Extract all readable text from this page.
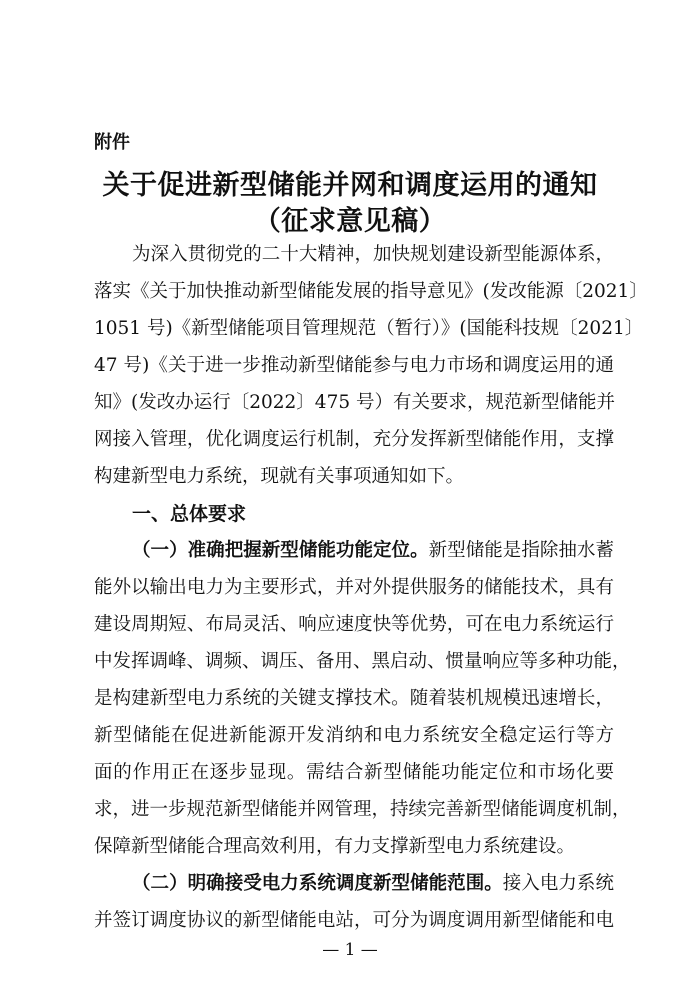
附件
关于促进新型储能并网和调度运用的通知
（征求意见稿）
为深入贯彻党的二十大精神，加快规划建设新型能源体系，
落实《关于加快推动新型储能发展的指导意见》(发改能源〔2021〕
1051 号)《新型储能项目管理规范（暂行）》(国能科技规〔2021〕
47 号)《关于进一步推动新型储能参与电力市场和调度运用的通
知》(发改办运行〔2022〕475 号）有关要求，规范新型储能并
网接入管理，优化调度运行机制，充分发挥新型储能作用，支撑
构建新型电力系统，现就有关事项通知如下。
一、总体要求
（一）准确把握新型储能功能定位。新型储能是指除抽水蓄
能外以输出电力为主要形式，并对外提供服务的储能技术，具有
建设周期短、布局灵活、响应速度快等优势，可在电力系统运行
中发挥调峰、调频、调压、备用、黑启动、惯量响应等多种功能，
是构建新型电力系统的关键支撑技术。随着装机规模迅速增长，
新型储能在促进新能源开发消纳和电力系统安全稳定运行等方
面的作用正在逐步显现。需结合新型储能功能定位和市场化要
求，进一步规范新型储能并网管理，持续完善新型储能调度机制，
保障新型储能合理高效利用，有力支撑新型电力系统建设。
（二）明确接受电力系统调度新型储能范围。接入电力系统
并签订调度协议的新型储能电站，可分为调度调用新型储能和电
— 1 —
